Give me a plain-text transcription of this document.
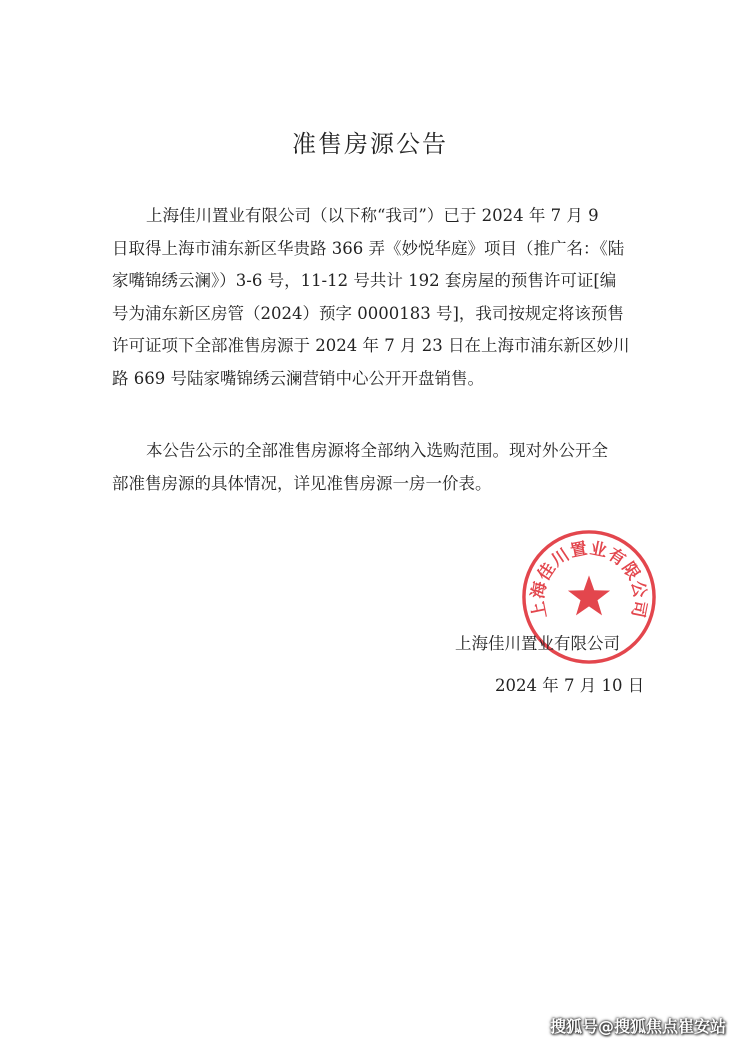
准售房源公告
上海佳川置业有限公司（以下称“我司”）已于 2024 年 7 月 9
日取得上海市浦东新区华贵路 366 弄《妙悦华庭》项目（推广名：《陆
家嘴锦绣云澜》）3-6 号，11-12 号共计 192 套房屋的预售许可证[编
号为浦东新区房管（2024）预字 0000183 号]，我司按规定将该预售
许可证项下全部准售房源于 2024 年 7 月 23 日在上海市浦东新区妙川
路 669 号陆家嘴锦绣云澜营销中心公开开盘销售。
本公告公示的全部准售房源将全部纳入选购范围。现对外公开全
部准售房源的具体情况，详见准售房源一房一价表。
上海佳川置业有限公司
上海佳川置业有限公司
2024 年 7 月 10 日
搜狐号@搜狐焦点崔安站
